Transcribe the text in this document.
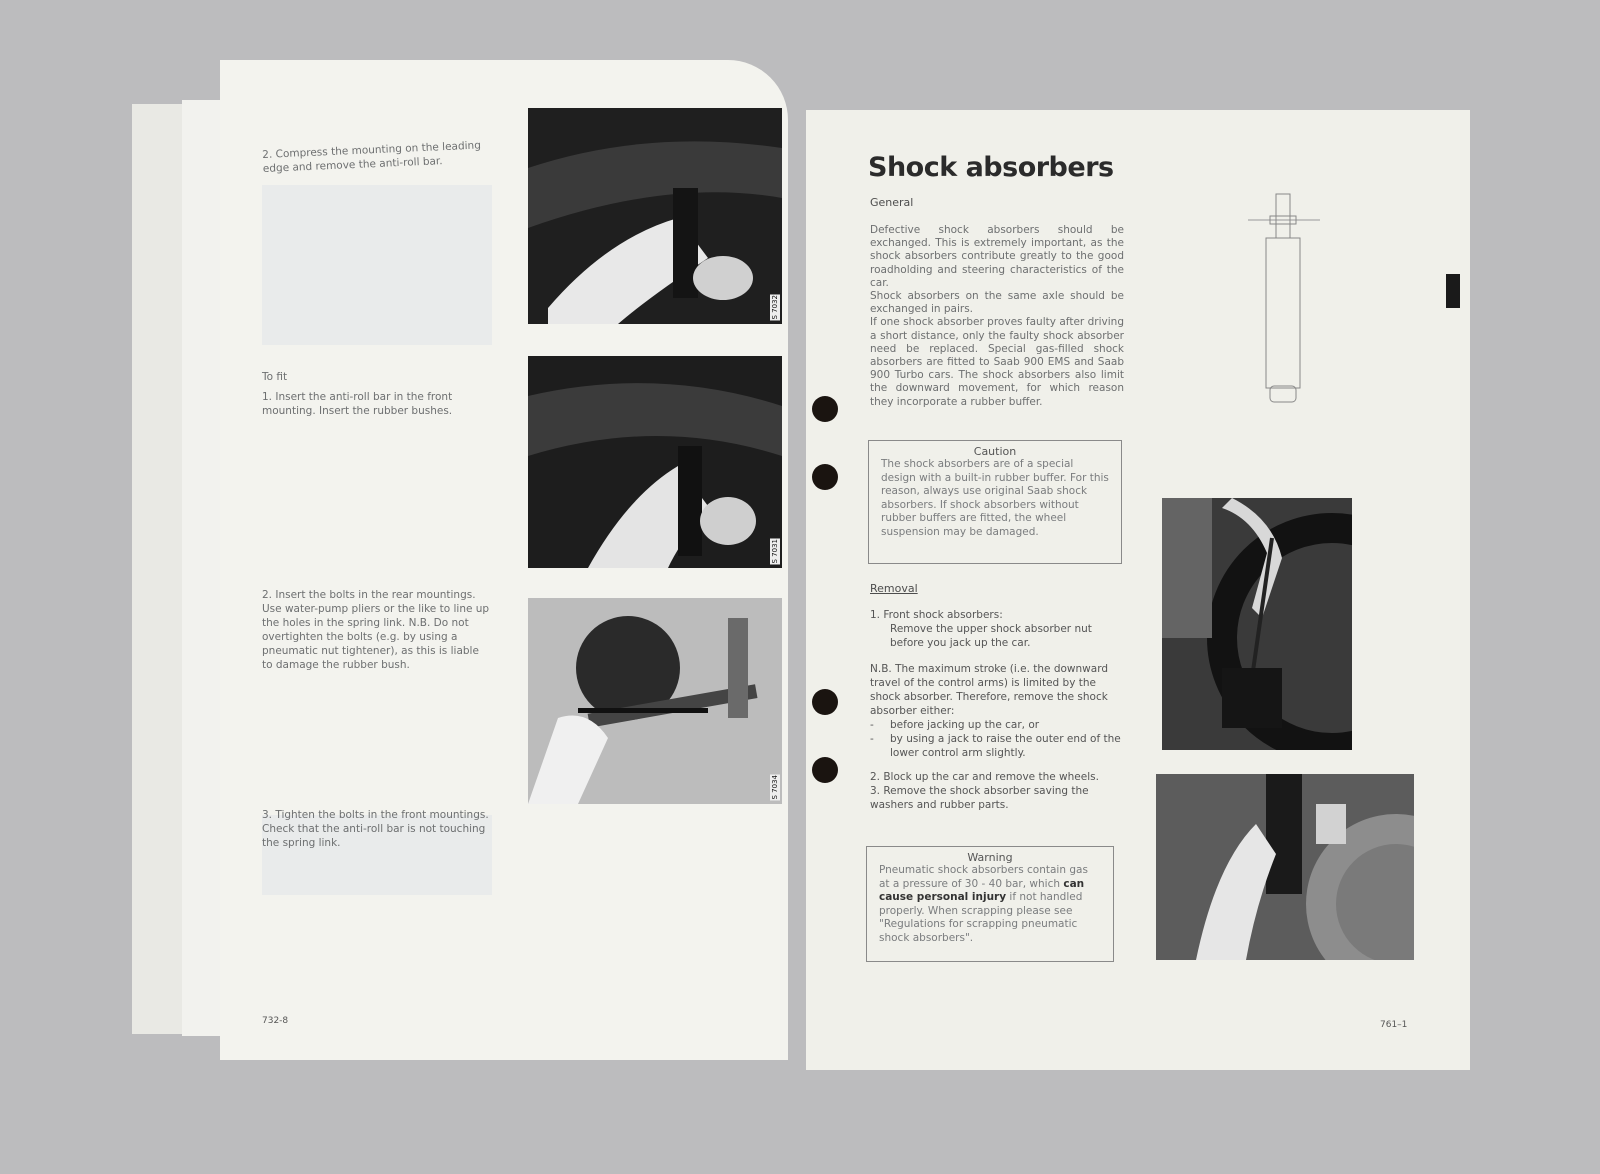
2. Compress the mounting on the leading edge and remove the anti-roll bar.
To fit
1. Insert the anti-roll bar in the front mounting. Insert the rubber bushes.
2. Insert the bolts in the rear mountings. Use water-pump pliers or the like to line up the holes in the spring link. N.B. Do not overtighten the bolts (e.g. by using a pneumatic nut tightener), as this is liable to damage the rubber bush.
3. Tighten the bolts in the front mountings. Check that the anti-roll bar is not touching the spring link.
732-8
S 7032
S 7031
S 7034
Shock absorbers
General
Defective shock absorbers should be exchanged. This is extremely important, as the shock absorbers contribute greatly to the good roadholding and steering characteristics of the car.
Shock absorbers on the same axle should be exchanged in pairs.
If one shock absorber proves faulty after driving a short distance, only the faulty shock absorber need be replaced. Special gas-filled shock absorbers are fitted to Saab 900 EMS and Saab 900 Turbo cars. The shock absorbers also limit the downward movement, for which reason they incorporate a rubber buffer.
Caution
The shock absorbers are of a special design with a built-in rubber buffer. For this reason, always use original Saab shock absorbers. If shock absorbers without rubber buffers are fitted, the wheel suspension may be damaged.
Removal
1. Front shock absorbers:
Remove the upper shock absorber nut before you jack up the car.
N.B. The maximum stroke (i.e. the downward travel of the control arms) is limited by the shock absorber. Therefore, remove the shock absorber either:
-	before jacking up the car, or
-	by using a jack to raise the outer end of the lower control arm slightly.
2. Block up the car and remove the wheels.
3. Remove the shock absorber saving the washers and rubber parts.
Warning
Pneumatic shock absorbers contain gas at a pressure of 30 - 40 bar, which can cause personal injury if not handled properly. When scrapping please see "Regulations for scrapping pneumatic shock absorbers".
761–1
